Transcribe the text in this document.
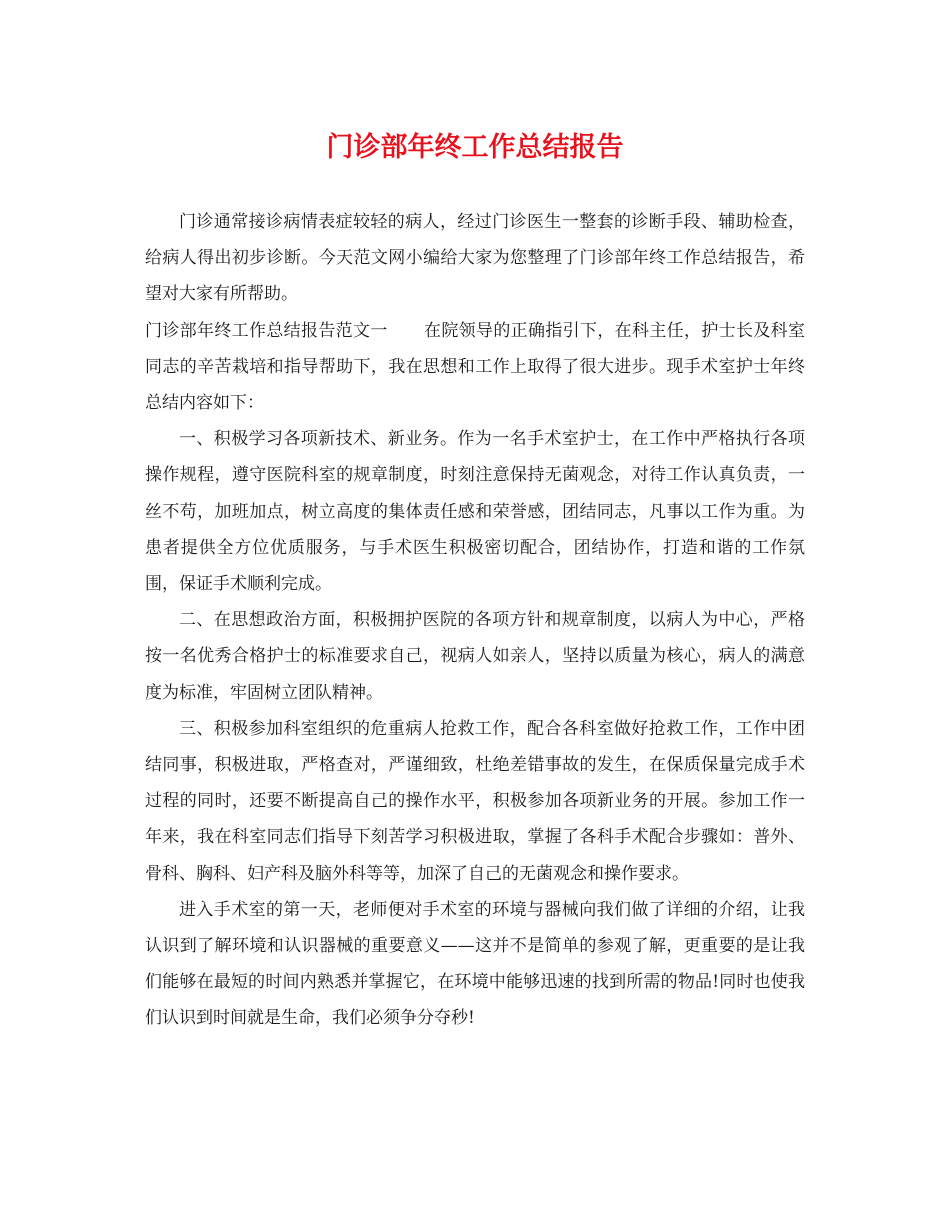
门诊部年终工作总结报告

门诊通常接诊病情表症较轻的病人，经过门诊医生一整套的诊断手段、辅助检查，给病人得出初步诊断。今天范文网小编给大家为您整理了门诊部年终工作总结报告，希望对大家有所帮助。

门诊部年终工作总结报告范文一 在院领导的正确指引下，在科主任，护士长及科室同志的辛苦栽培和指导帮助下，我在思想和工作上取得了很大进步。现手术室护士年终总结内容如下：

一、积极学习各项新技术、新业务。作为一名手术室护士，在工作中严格执行各项操作规程，遵守医院科室的规章制度，时刻注意保持无菌观念，对待工作认真负责，一丝不苟，加班加点，树立高度的集体责任感和荣誉感，团结同志，凡事以工作为重。为患者提供全方位优质服务，与手术医生积极密切配合，团结协作，打造和谐的工作氛围，保证手术顺利完成。

二、在思想政治方面，积极拥护医院的各项方针和规章制度，以病人为中心，严格按一名优秀合格护士的标准要求自己，视病人如亲人，坚持以质量为核心，病人的满意度为标准，牢固树立团队精神。

三、积极参加科室组织的危重病人抢救工作，配合各科室做好抢救工作，工作中团结同事，积极进取，严格查对，严谨细致，杜绝差错事故的发生，在保质保量完成手术过程的同时，还要不断提高自己的操作水平，积极参加各项新业务的开展。参加工作一年来，我在科室同志们指导下刻苦学习积极进取，掌握了各科手术配合步骤如：普外、骨科、胸科、妇产科及脑外科等等，加深了自己的无菌观念和操作要求。

进入手术室的第一天，老师便对手术室的环境与器械向我们做了详细的介绍，让我认识到了解环境和认识器械的重要意义——这并不是简单的参观了解，更重要的是让我们能够在最短的时间内熟悉并掌握它，在环境中能够迅速的找到所需的物品!同时也使我们认识到时间就是生命，我们必须争分夺秒!
